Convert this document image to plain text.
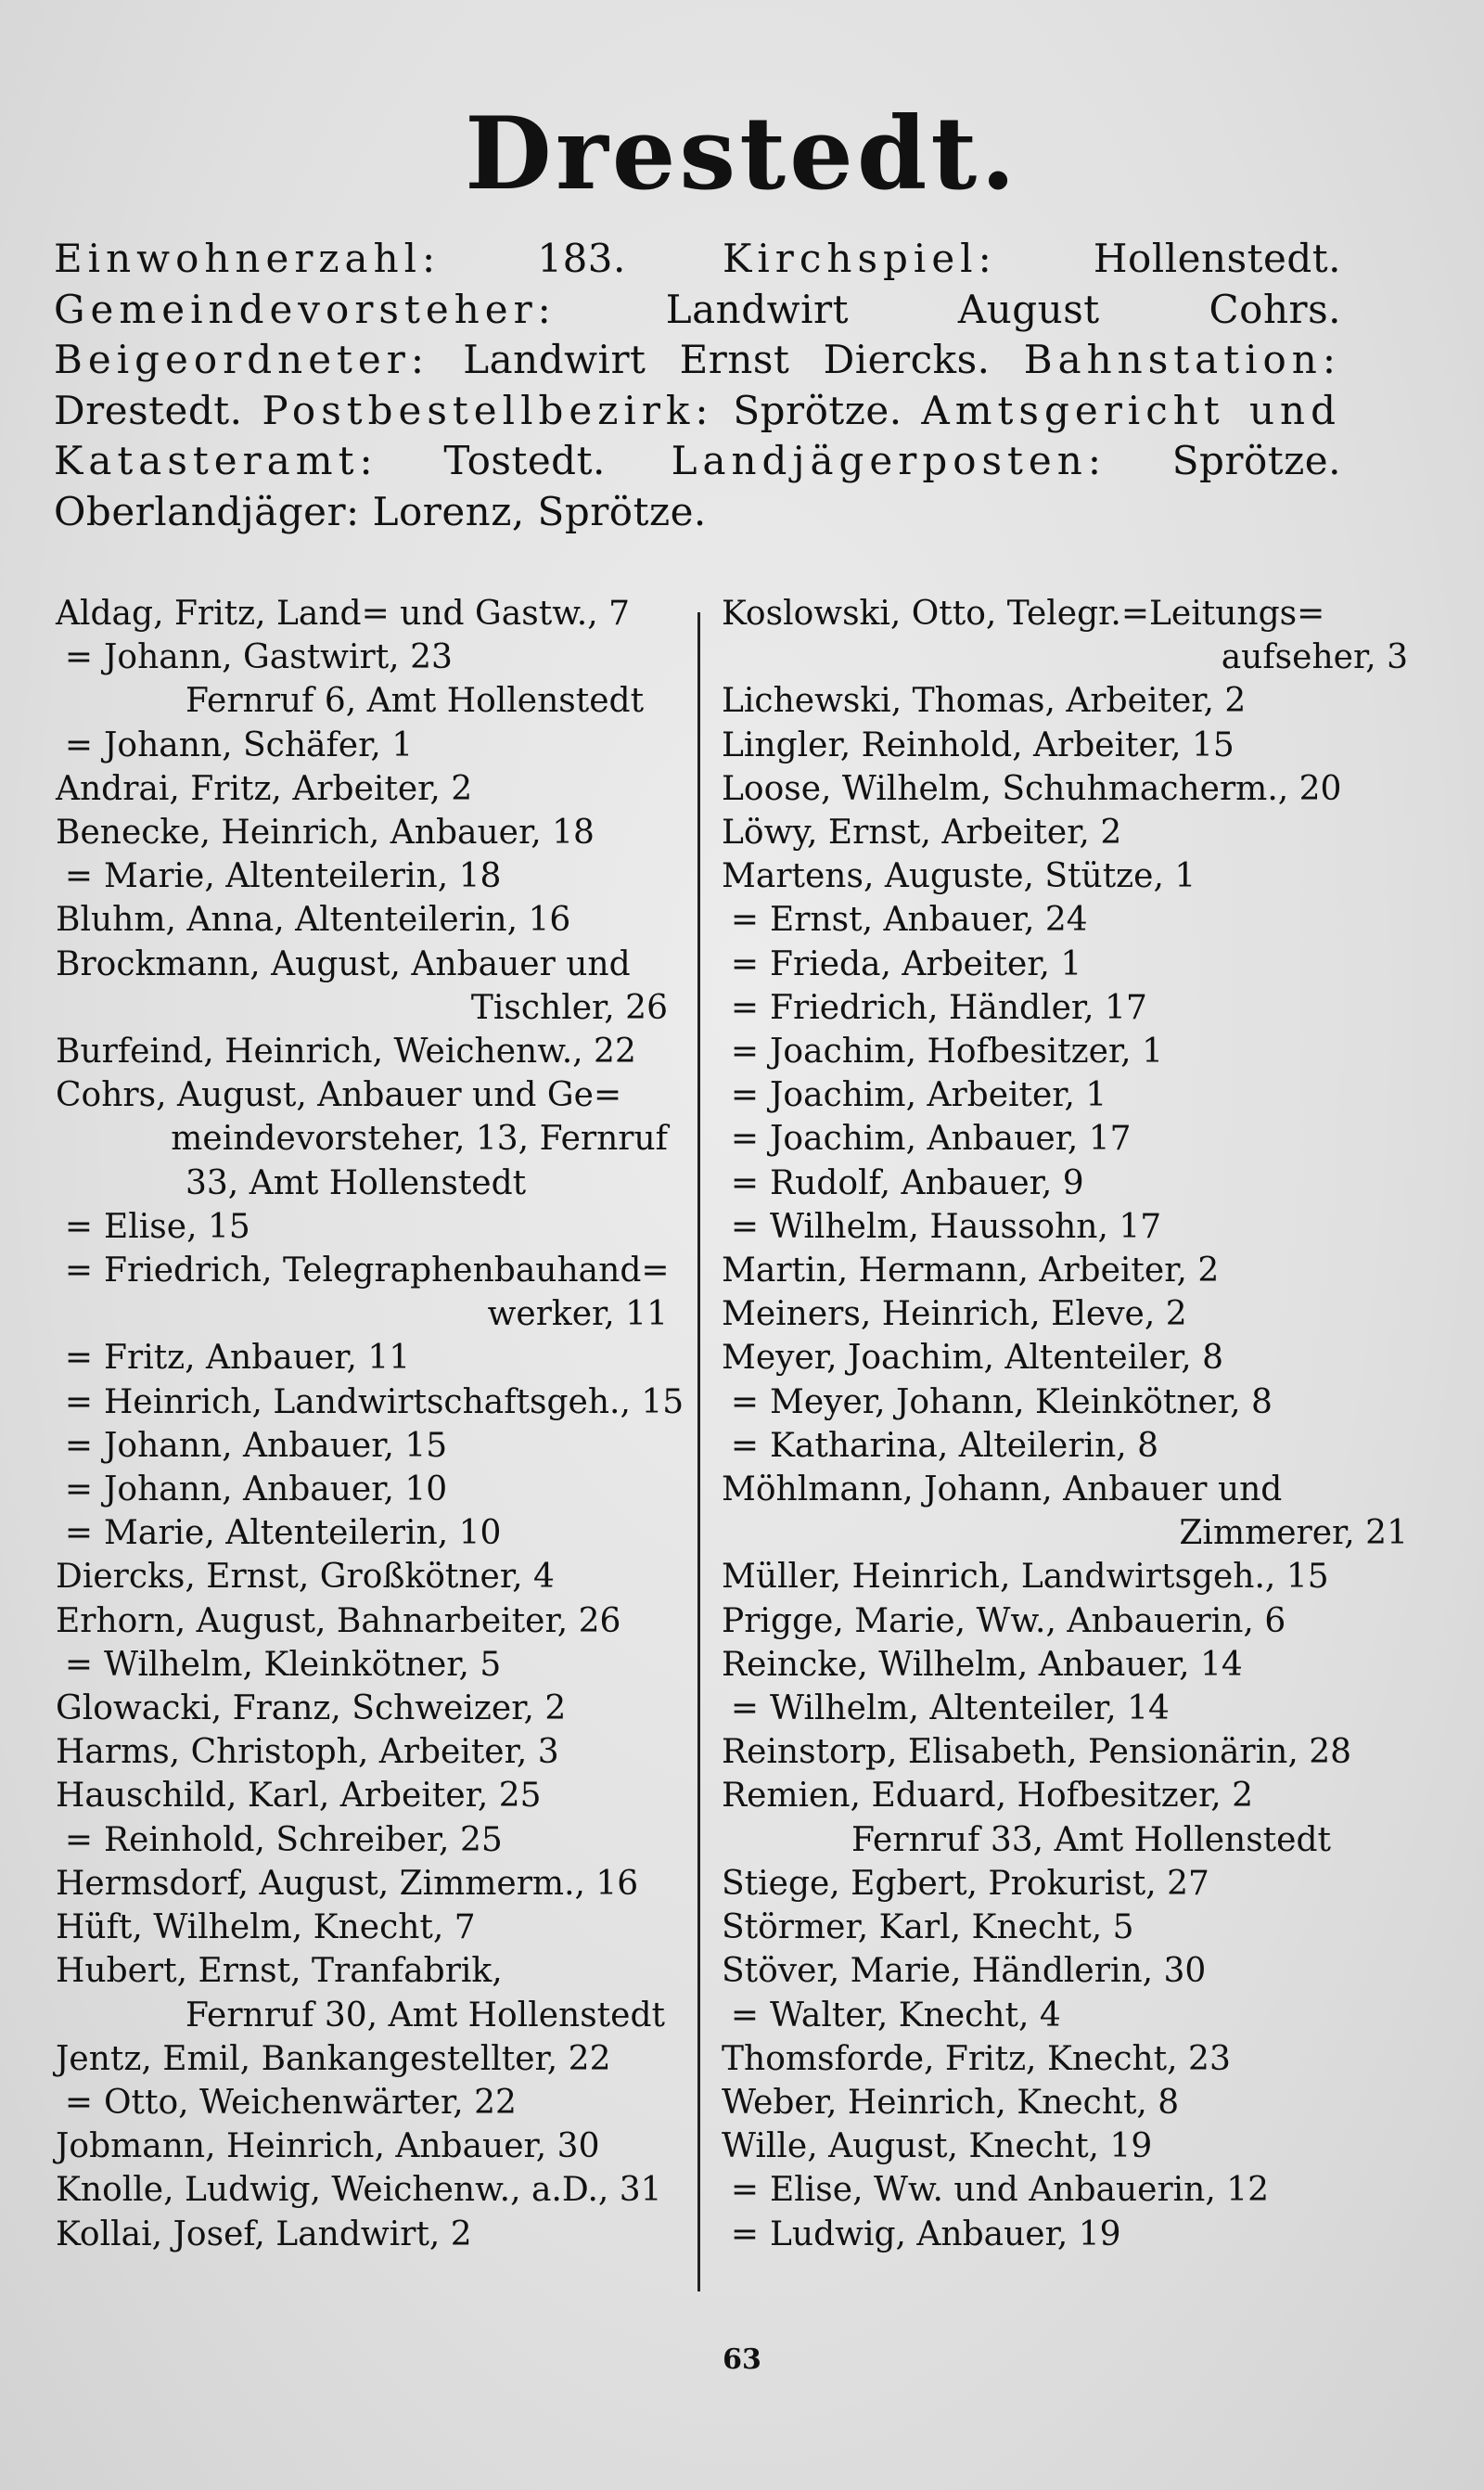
Drestedt.
Einwohnerzahl: 183. Kirchspiel: Hollenstedt. Gemeindevorsteher:	Landwirt August Cohrs. Beigeordneter: Landwirt Ernst Diercks. Bahnstation: Drestedt. Postbestellbezirk: Sprötze. Amtsgericht und Katasteramt: Tostedt. Landjägerposten: Sprötze. Oberlandjäger: Lorenz, Sprötze.
Aldag, Fritz, Land= und Gastw., 7
= Johann, Gastwirt, 23
Fernruf 6, Amt Hollenstedt
= Johann, Schäfer, 1
Andrai, Fritz, Arbeiter, 2
Benecke, Heinrich, Anbauer, 18
= Marie, Altenteilerin, 18
Bluhm, Anna, Altenteilerin, 16
Brockmann, August, Anbauer und
Tischler, 26
Burfeind, Heinrich, Weichenw., 22
Cohrs, August, Anbauer und Ge=
meindevorsteher, 13, Fernruf
33, Amt Hollenstedt
= Elise, 15
= Friedrich, Telegraphenbauhand=
werker, 11
= Fritz, Anbauer, 11
= Heinrich, Landwirtschaftsgeh., 15
= Johann, Anbauer, 15
= Johann, Anbauer, 10
= Marie, Altenteilerin, 10
Diercks, Ernst, Großkötner, 4
Erhorn, August, Bahnarbeiter, 26
= Wilhelm, Kleinkötner, 5
Glowacki, Franz, Schweizer, 2
Harms, Christoph, Arbeiter, 3
Hauschild, Karl, Arbeiter, 25
= Reinhold, Schreiber, 25
Hermsdorf, August, Zimmerm., 16
Hüft, Wilhelm, Knecht, 7
Hubert, Ernst, Tranfabrik,
Fernruf 30, Amt Hollenstedt
Jentz, Emil, Bankangestellter, 22
= Otto, Weichenwärter, 22
Jobmann, Heinrich, Anbauer, 30
Knolle, Ludwig, Weichenw., a.D., 31
Kollai, Josef, Landwirt, 2
Koslowski, Otto, Telegr.=Leitungs=
aufseher, 3
Lichewski, Thomas, Arbeiter, 2
Lingler, Reinhold, Arbeiter, 15
Loose, Wilhelm, Schuhmacherm., 20
Löwy, Ernst, Arbeiter, 2
Martens, Auguste, Stütze, 1
= Ernst, Anbauer, 24
= Frieda, Arbeiter, 1
= Friedrich, Händler, 17
= Joachim, Hofbesitzer, 1
= Joachim, Arbeiter, 1
= Joachim, Anbauer, 17
= Rudolf, Anbauer, 9
= Wilhelm, Haussohn, 17
Martin, Hermann, Arbeiter, 2
Meiners, Heinrich, Eleve, 2
Meyer, Joachim, Altenteiler, 8
= Meyer, Johann, Kleinkötner, 8
= Katharina, Alteilerin, 8
Möhlmann, Johann, Anbauer und
Zimmerer, 21
Müller, Heinrich, Landwirtsgeh., 15
Prigge, Marie, Ww., Anbauerin, 6
Reincke, Wilhelm, Anbauer, 14
= Wilhelm, Altenteiler, 14
Reinstorp, Elisabeth, Pensionärin, 28
Remien, Eduard, Hofbesitzer, 2
Fernruf 33, Amt Hollenstedt
Stiege, Egbert, Prokurist, 27
Störmer, Karl, Knecht, 5
Stöver, Marie, Händlerin, 30
= Walter, Knecht, 4
Thomsforde, Fritz, Knecht, 23
Weber, Heinrich, Knecht, 8
Wille, August, Knecht, 19
= Elise, Ww. und Anbauerin, 12
= Ludwig, Anbauer, 19
63
